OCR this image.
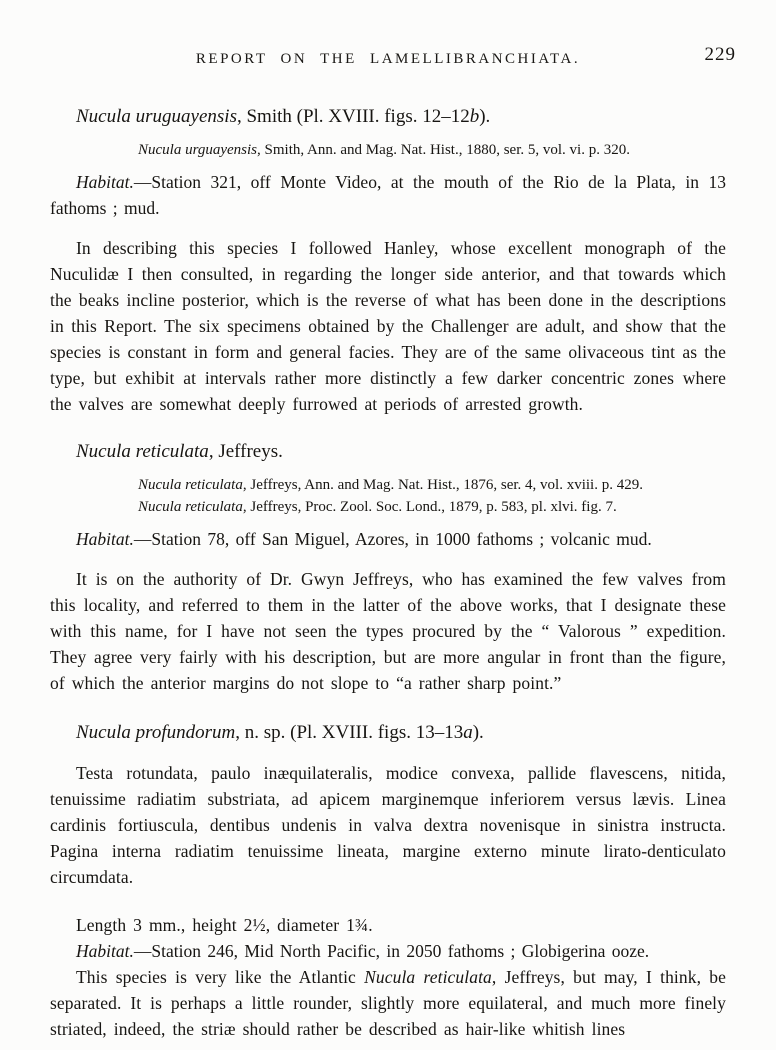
REPORT ON THE LAMELLIBRANCHIATA.	229
Nucula uruguayensis, Smith (Pl. XVIII. figs. 12–12b).

Nucula urguayensis, Smith, Ann. and Mag. Nat. Hist., 1880, ser. 5, vol. vi. p. 320.

Habitat.—Station 321, off Monte Video, at the mouth of the Rio de la Plata, in 13 fathoms ; mud.

In describing this species I followed Hanley, whose excellent monograph of the Nuculidæ I then consulted, in regarding the longer side anterior, and that towards which the beaks incline posterior, which is the reverse of what has been done in the descriptions in this Report. The six specimens obtained by the Challenger are adult, and show that the species is constant in form and general facies. They are of the same olivaceous tint as the type, but exhibit at intervals rather more distinctly a few darker concentric zones where the valves are somewhat deeply furrowed at periods of arrested growth.

Nucula reticulata, Jeffreys.

Nucula reticulata, Jeffreys, Ann. and Mag. Nat. Hist., 1876, ser. 4, vol. xviii. p. 429.

Nucula reticulata, Jeffreys, Proc. Zool. Soc. Lond., 1879, p. 583, pl. xlvi. fig. 7.

Habitat.—Station 78, off San Miguel, Azores, in 1000 fathoms ; volcanic mud.

It is on the authority of Dr. Gwyn Jeffreys, who has examined the few valves from this locality, and referred to them in the latter of the above works, that I designate these with this name, for I have not seen the types procured by the “ Valorous ” expedition. They agree very fairly with his description, but are more angular in front than the figure, of which the anterior margins do not slope to “a rather sharp point.”

Nucula profundorum, n. sp. (Pl. XVIII. figs. 13–13a).

Testa rotundata, paulo inæquilateralis, modice convexa, pallide flavescens, nitida, tenuissime radiatim substriata, ad apicem marginemque inferiorem versus lævis. Linea cardinis fortiuscula, dentibus undenis in valva dextra novenisque in sinistra instructa. Pagina interna radiatim tenuissime lineata, margine externo minute lirato-denticulato circumdata.

Length 3 mm., height 2½, diameter 1¾.

Habitat.—Station 246, Mid North Pacific, in 2050 fathoms ; Globigerina ooze.

This species is very like the Atlantic Nucula reticulata, Jeffreys, but may, I think, be separated. It is perhaps a little rounder, slightly more equilateral, and much more finely striated, indeed, the striæ should rather be described as hair-like whitish lines
